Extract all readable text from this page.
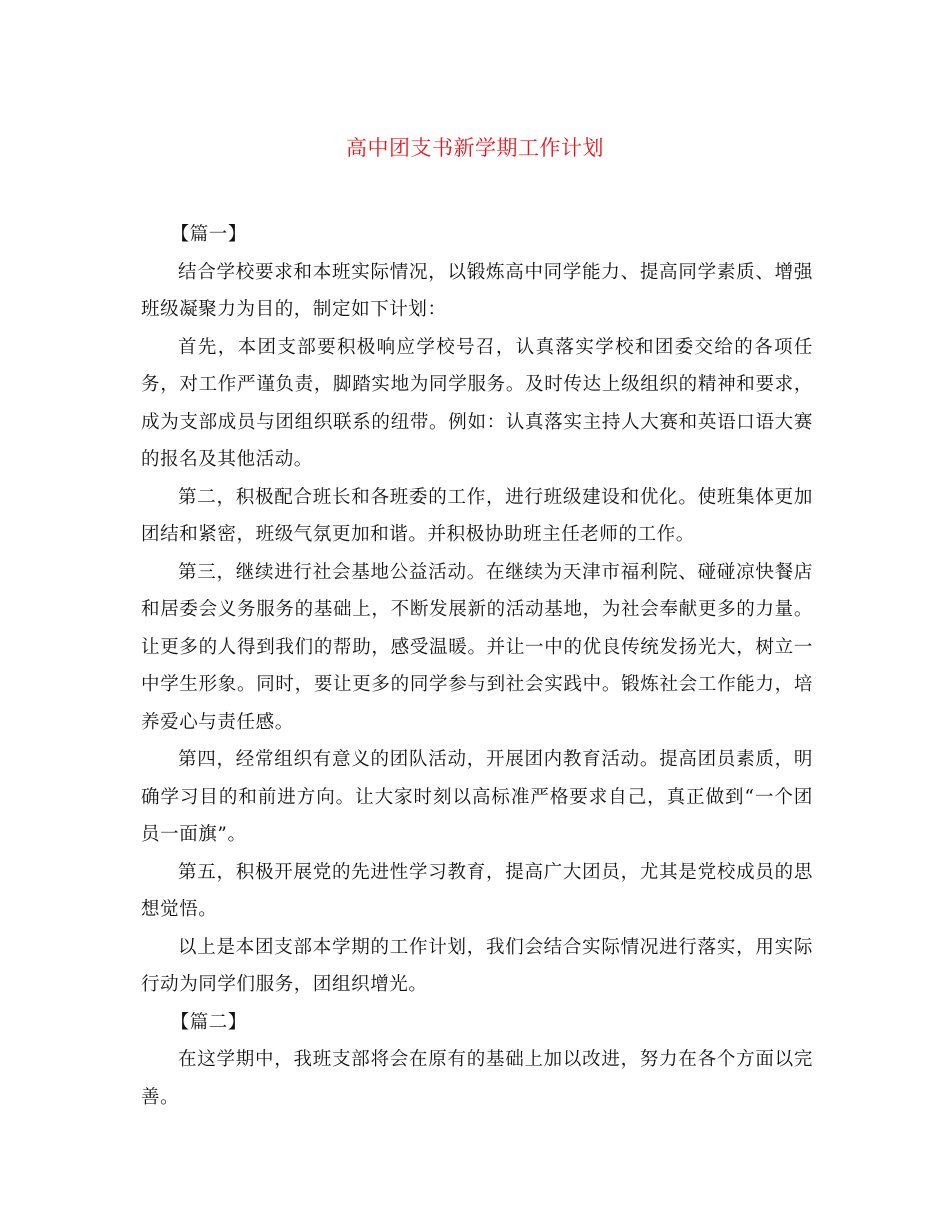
高中团支书新学期工作计划

【篇一】

结合学校要求和本班实际情况，以锻炼高中同学能力、提高同学素质、增强班级凝聚力为目的，制定如下计划：

首先，本团支部要积极响应学校号召，认真落实学校和团委交给的各项任务，对工作严谨负责，脚踏实地为同学服务。及时传达上级组织的精神和要求，成为支部成员与团组织联系的纽带。例如：认真落实主持人大赛和英语口语大赛的报名及其他活动。

第二，积极配合班长和各班委的工作，进行班级建设和优化。使班集体更加团结和紧密，班级气氛更加和谐。并积极协助班主任老师的工作。

第三，继续进行社会基地公益活动。在继续为天津市福利院、碰碰凉快餐店和居委会义务服务的基础上，不断发展新的活动基地，为社会奉献更多的力量。让更多的人得到我们的帮助，感受温暖。并让一中的优良传统发扬光大，树立一中学生形象。同时，要让更多的同学参与到社会实践中。锻炼社会工作能力，培养爱心与责任感。

第四，经常组织有意义的团队活动，开展团内教育活动。提高团员素质，明确学习目的和前进方向。让大家时刻以高标准严格要求自己，真正做到“一个团员一面旗”。

第五，积极开展党的先进性学习教育，提高广大团员，尤其是党校成员的思想觉悟。

以上是本团支部本学期的工作计划，我们会结合实际情况进行落实，用实际行动为同学们服务，团组织增光。

【篇二】

在这学期中，我班支部将会在原有的基础上加以改进，努力在各个方面以完善。
